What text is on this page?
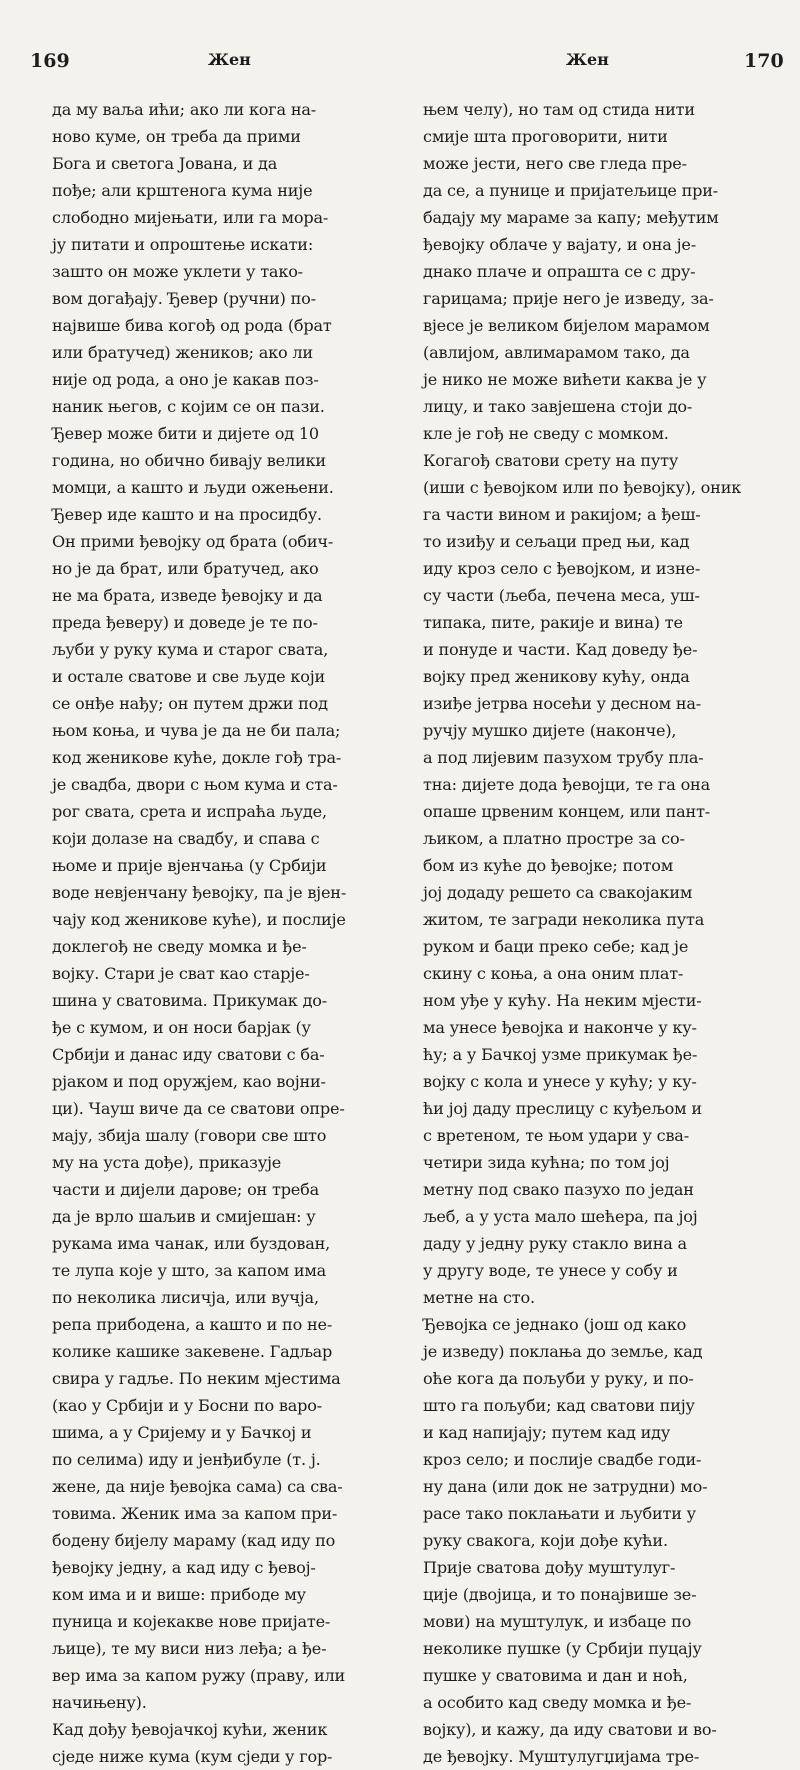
169	Жен	Жен	170
да му ваља ићи; ако ли кога на-
ново куме, он треба да прими
Бога и светога Јована, и да
пође; али крштенога кума није
слободно мијењати, или га мора-
ју питати и опроштење искати:
зашто он може уклети у тако-
вом догађају. Ђевер (ручни) по-
највише бива когођ од рода (брат
или братучед) жеников; ако ли
није од рода, а оно је какав поз-
наник његов, с којим се он пази.
Ђевер може бити и дијете од 10
година, но обично биваjу велики
момци, а кашто и људи ожењени.
Ђевер иде кашто и на просидбу.
Он прими ђевојку од брата (обич-
но је да брат, или братучед, ако
не ма брата, изведе ђевојку и да
преда ђеверу) и доведе је те по-
љуби у руку кума и старог свата,
и остале сватове и све људе који
се онђе нађу; он путем држи под
њом коња, и чува је да не би пала;
код женикове куће, докле гођ тра-
је свадба, двори с њом кума и ста-
рог свата, срета и испраћа људе,
који долазе на свадбу, и спава с
њоме и прије вјенчања (у Србији
воде невјенчану ђевојку, па је вјен-
чају код женикове куће), и послије
доклегођ не сведу момка и ђе-
војку. Стари је сват као старје-
шина у сватовима. Прикумак до-
ђе с кумом, и он носи барјак (у
Србији и данас иду сватови с ба-
рјаком и под оружјем, као војни-
ци). Чауш виче да се сватови опре-
мају, збија шалу (говори све што
му на уста дође), приказује
части и дијели дарове; он треба
да је врло шаљив и смијешан: у
рукама има чанак, или буздован,
те лупа које у што, за капом има
по неколика лисичја, или вучја,
репа прибодена, а кашто и по не-
колике кашике закевене. Гадљар
свира у гадље. По неким мјестима
(као у Србији и у Босни по варо-
шима, а у Сријему и у Бачкој и
по селима) иду и јенђибуле (т. ј.
жене, да није ђевојка сама) са сва-
товима. Женик има за капом при-
бодену бијелу мараму (кад иду по
ђевојку једну, а кад иду с ђевој-
ком има и и више: прибоде му
пуница и којекакве нове пријате-
љице), те му виси низ леђа; а ђе-
вер има за капом ружу (праву, или
начињену).
Кад дођу ђевојачкој кући, женик
сједе ниже кума (кум сједи у гор-
њем челу), но там од стида нити
смије шта проговорити, нити
може јести, него све гледа пре-
да се, а пунице и пријатељице при-
бадају му мараме за капу; међутим
ђевојку облаче у вајату, и она је-
днако плаче и опрашта се с дру-
гарицама; прије него је изведу, за-
вјесе је великом бијелом марамом
(авлијом, авлимарамом тако, да
је нико не може вићети каква је у
лицу, и тако завјешена стоји до-
кле је гођ не сведу с момком.
Когагођ сватови срету на путу
(иши с ђевојком или по ђевојку), оник
га части вином и ракијом; а ђеш-
то изиђу и сељаци пред њи, кад
иду кроз село с ђевојком, и изне-
су части (љеба, печена меса, уш-
типака, пите, ракије и вина) те
и понуде и части. Кад доведу ђе-
војку пред женикову кућу, онда
изиђе јетрва носећи у десном на-
ручју мушко дијете (накончe),
а под лијевим пазухом трубу пла-
тна: дијете дода ђевојци, те га она
опаше црвеним концем, или пант-
љиком, а платно простре за со-
бом из куће до ђевојке; потом
јој додаду решето са свакојаким
житом, те загради неколика пута
руком и баци преко себе; кад је
скину с коња, а она оним плат-
ном уђе у кућу. На неким мјести-
ма унесе ђевојка и накончe у ку-
ћу; а у Бачкој узме прикумак ђе-
војку с кола и унесе у кућу; у ку-
ћи јој даду преслицу с куђељом и
с вретеном, те њом удари у сва-
четири зида кућна; по том јој
метну под свако пазухо по један
љеб, а у уста мало шећера, па јој
даду у једну руку стакло вина а
у другу воде, те унесе у собу и
метне на сто.
Ђевојка се једнако (још од како
је изведу) поклања до земље, кад
оће кога да пољуби у руку, и по-
што га пољуби; кад сватови пију
и кад напијају; путем кад иду
кроз село; и послије свадбе годи-
ну дана (или док не затрудни) мо-
расе тако поклањати и љубити у
руку свакога, који дође кући.
Прије сватова дођу муштулуг-
ције (двојица, и то понајвише зе-
мови) на муштулук, и избаце по
неколике пушке (у Србији пуцају
пушке у сватовима и дан и ноћ,
а особито кад сведу момка и ђе-
војку), и кажу, да иду сватови и во-
де ђевојку. Муштулугџијама тре-
